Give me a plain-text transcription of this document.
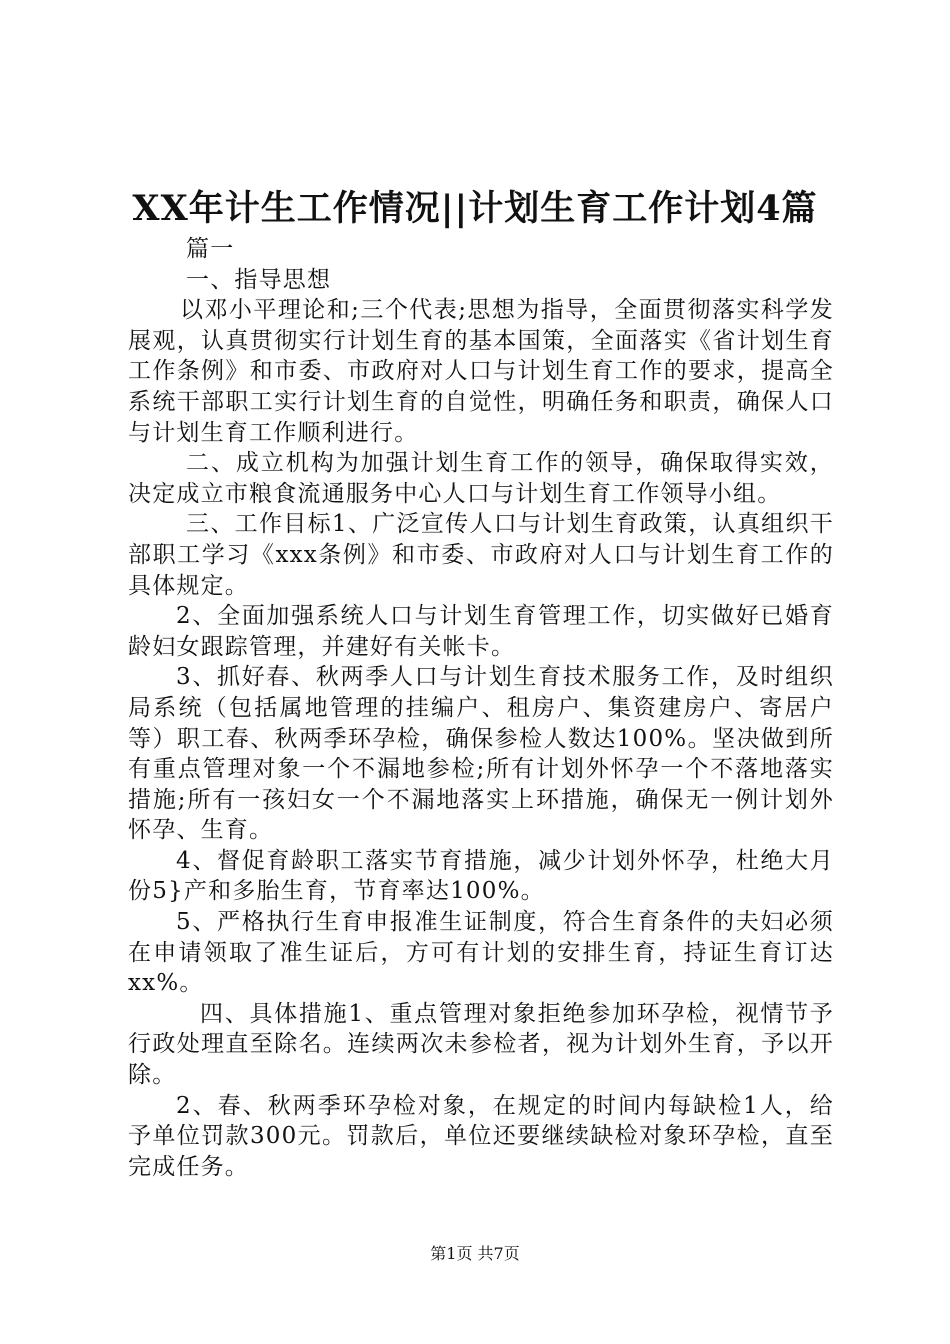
XX年计生工作情况||计划生育工作计划4篇

篇一

一、指导思想

以邓小平理论和;三个代表;思想为指导，全面贯彻落实科学发展观，认真贯彻实行计划生育的基本国策，全面落实《省计划生育工作条例》和市委、市政府对人口与计划生育工作的要求，提高全系统干部职工实行计划生育的自觉性，明确任务和职责，确保人口与计划生育工作顺利进行。

二、成立机构为加强计划生育工作的领导，确保取得实效，决定成立市粮食流通服务中心人口与计划生育工作领导小组。

三、工作目标1、广泛宣传人口与计划生育政策，认真组织干部职工学习《xxx条例》和市委、市政府对人口与计划生育工作的具体规定。

2、全面加强系统人口与计划生育管理工作，切实做好已婚育龄妇女跟踪管理，并建好有关帐卡。

3、抓好春、秋两季人口与计划生育技术服务工作，及时组织局系统（包括属地管理的挂编户、租房户、集资建房户、寄居户等）职工春、秋两季环孕检，确保参检人数达100%。坚决做到所有重点管理对象一个不漏地参检;所有计划外怀孕一个不落地落实措施;所有一孩妇女一个不漏地落实上环措施，确保无一例计划外怀孕、生育。

4、督促育龄职工落实节育措施，减少计划外怀孕，杜绝大月份5}产和多胎生育，节育率达100%。

5、严格执行生育申报准生证制度，符合生育条件的夫妇必须在申请领取了准生证后，方可有计划的安排生育，持证生育订达xx%。

四、具体措施1、重点管理对象拒绝参加环孕检，视情节予行政处理直至除名。连续两次未参检者，视为计划外生育，予以开除。

2、春、秋两季环孕检对象，在规定的时间内每缺检1人，给予单位罚款300元。罚款后，单位还要继续缺检对象环孕检，直至完成任务。

第1页 共7页
